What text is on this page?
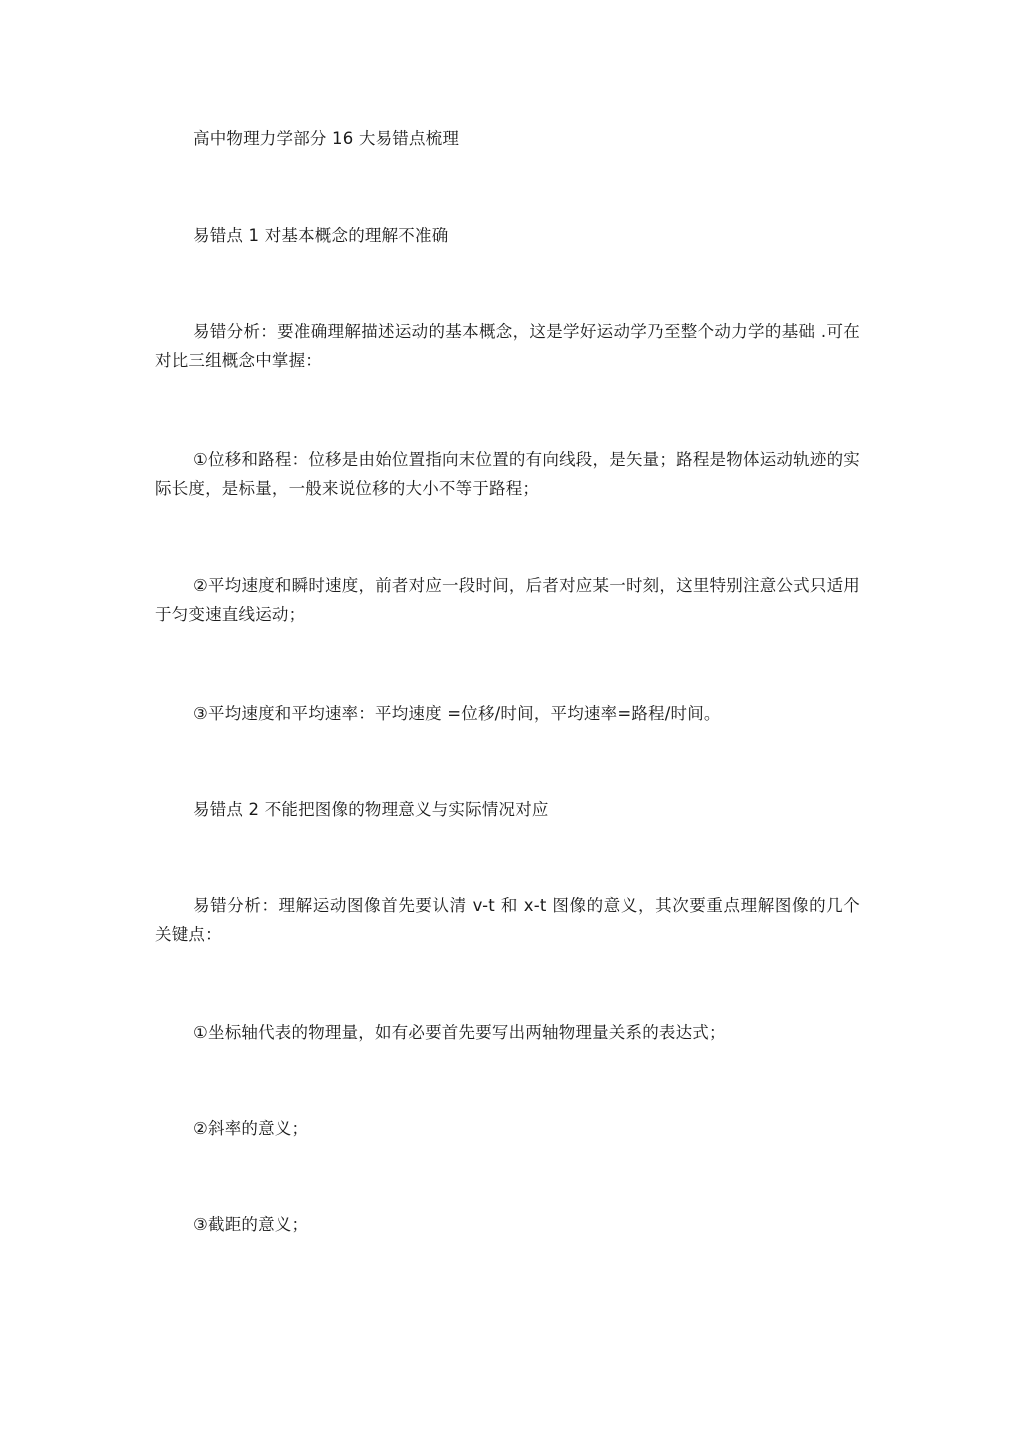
高中物理力学部分 16 大易错点梳理

易错点 1 对基本概念的理解不准确

易错分析：要准确理解描述运动的基本概念，这是学好运动学乃至整个动力学的基础 .可在对比三组概念中掌握：

①位移和路程：位移是由始位置指向末位置的有向线段，是矢量；路程是物体运动轨迹的实际长度，是标量，一般来说位移的大小不等于路程；

②平均速度和瞬时速度，前者对应一段时间，后者对应某一时刻，这里特别注意公式只适用于匀变速直线运动；

③平均速度和平均速率：平均速度 =位移/时间，平均速率=路程/时间。

易错点 2 不能把图像的物理意义与实际情况对应

易错分析：理解运动图像首先要认清 v-t 和 x-t 图像的意义，其次要重点理解图像的几个关键点：

①坐标轴代表的物理量，如有必要首先要写出两轴物理量关系的表达式；

②斜率的意义；

③截距的意义；
